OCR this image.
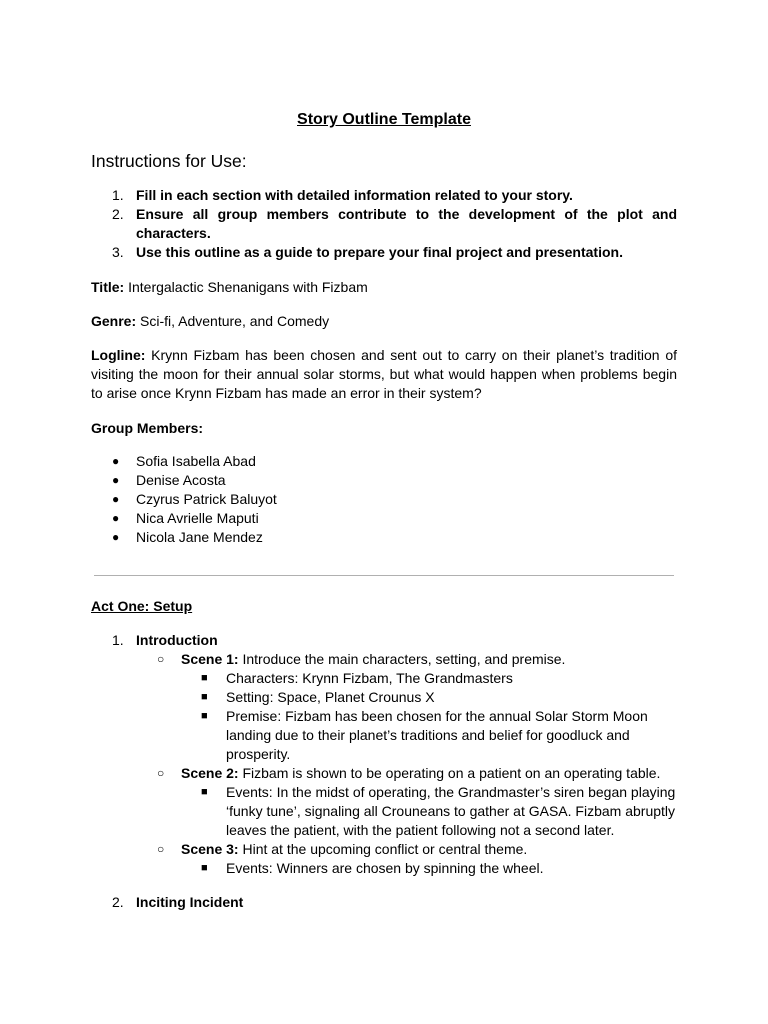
Story Outline Template
Instructions for Use:
1. Fill in each section with detailed information related to your story.
2. Ensure all group members contribute to the development of the plot and characters.
3. Use this outline as a guide to prepare your final project and presentation.
Title: Intergalactic Shenanigans with Fizbam
Genre: Sci-fi, Adventure, and Comedy
Logline: Krynn Fizbam has been chosen and sent out to carry on their planet’s tradition of visiting the moon for their annual solar storms, but what would happen when problems begin to arise once Krynn Fizbam has made an error in their system?
Group Members:
● Sofia Isabella Abad
● Denise Acosta
● Czyrus Patrick Baluyot
● Nica Avrielle Maputi
● Nicola Jane Mendez
Act One: Setup
1. Introduction
○ Scene 1: Introduce the main characters, setting, and premise.
■ Characters: Krynn Fizbam, The Grandmasters
■ Setting: Space, Planet Crounus X
■ Premise: Fizbam has been chosen for the annual Solar Storm Moon landing due to their planet’s traditions and belief for goodluck and prosperity.
○ Scene 2: Fizbam is shown to be operating on a patient on an operating table.
■ Events: In the midst of operating, the Grandmaster’s siren began playing ‘funky tune’, signaling all Crouneans to gather at GASA. Fizbam abruptly leaves the patient, with the patient following not a second later.
○ Scene 3: Hint at the upcoming conflict or central theme.
■ Events: Winners are chosen by spinning the wheel.
2. Inciting Incident
